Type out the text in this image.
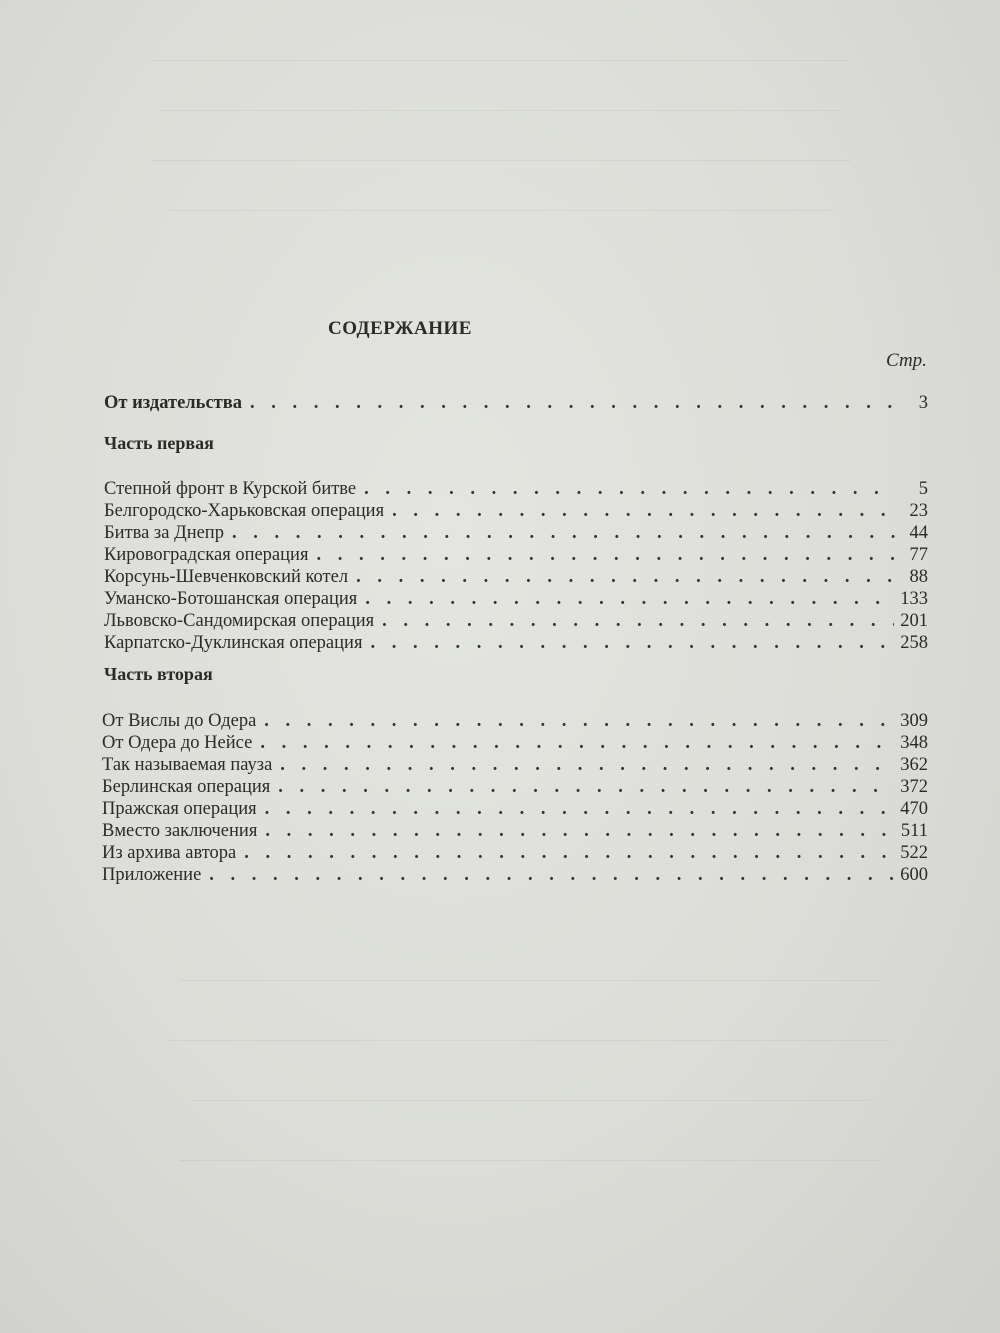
СОДЕРЖАНИЕ
Стр.
От издательства . . .	3
Часть первая
Степной фронт в Курской битве . . .	5
Белгородско-Харьковская операция . . .	23
Битва за Днепр . . .	44
Кировоградская операция . . .	77
Корсунь-Шевченковский котел . . .	88
Уманско-Ботошанская операция . . .	133
Львовско-Сандомирская операция . . .	201
Карпатско-Дуклинская операция . . .	258
Часть вторая
От Вислы до Одера . . .	309
От Одера до Нейсе . . .	348
Так называемая пауза . . .	362
Берлинская операция . . .	372
Пражская операция . . .	470
Вместо заключения . . .	511
Из архива автора . . .	522
Приложение . . .	600
